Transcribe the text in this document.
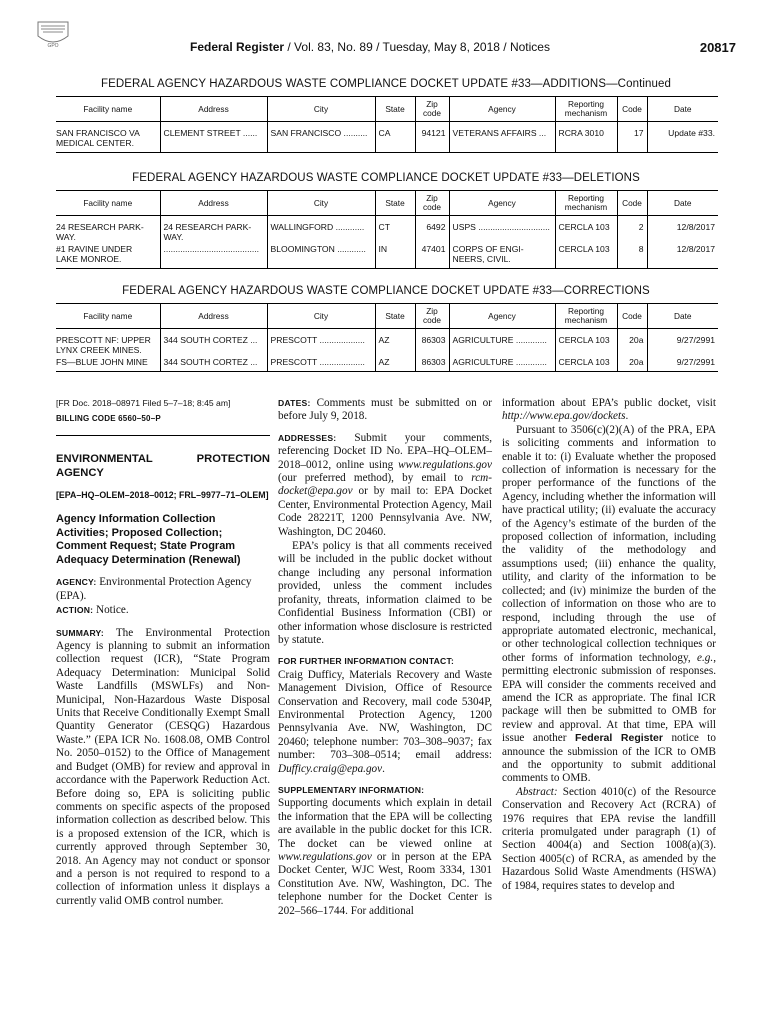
GPO	Federal Register / Vol. 83, No. 89 / Tuesday, May 8, 2018 / Notices	20817
FEDERAL AGENCY HAZARDOUS WASTE COMPLIANCE DOCKET UPDATE #33—ADDITIONS—Continued
Facility name	Address	City	State	Zip code	Agency	Reporting mechanism	Code	Date
SAN FRANCISCO VA
MEDICAL CENTER.	CLEMENT STREET ......	SAN FRANCISCO ..........	CA	94121	VETERANS AFFAIRS ...	RCRA 3010	17	Update #33.
FEDERAL AGENCY HAZARDOUS WASTE COMPLIANCE DOCKET UPDATE #33—DELETIONS
Facility name	Address	City	State	Zip code	Agency	Reporting mechanism	Code	Date
24 RESEARCH PARK-
WAY.	24 RESEARCH PARK-
WAY.	WALLINGFORD ............	CT	6492	USPS ..............................	CERCLA 103	2	12/8/2017
#1 RAVINE UNDER
LAKE MONROE.	........................................	BLOOMINGTON ............	IN	47401	CORPS OF ENGI-
NEERS, CIVIL.	CERCLA 103	8	12/8/2017
FEDERAL AGENCY HAZARDOUS WASTE COMPLIANCE DOCKET UPDATE #33—CORRECTIONS
Facility name	Address	City	State	Zip code	Agency	Reporting mechanism	Code	Date
PRESCOTT NF: UPPER
LYNX CREEK MINES.	344 SOUTH CORTEZ ...	PRESCOTT ...................	AZ	86303	AGRICULTURE .............	CERCLA 103	20a	9/27/2991
FS—BLUE JOHN MINE	344 SOUTH CORTEZ ...	PRESCOTT ...................	AZ	86303	AGRICULTURE .............	CERCLA 103	20a	9/27/2991

[FR Doc. 2018–08971 Filed 5–7–18; 8:45 am]

BILLING CODE 6560–50–P

ENVIRONMENTAL PROTECTION AGENCY

[EPA–HQ–OLEM–2018–0012; FRL–9977–71–OLEM]

Agency Information Collection Activities; Proposed Collection; Comment Request; State Program Adequacy Determination (Renewal)

AGENCY: Environmental Protection Agency (EPA).

ACTION: Notice.

SUMMARY: The Environmental Protection Agency is planning to submit an information collection request (ICR), “State Program Adequacy Determination: Municipal Solid Waste Landfills (MSWLFs) and Non-Municipal, Non-Hazardous Waste Disposal Units that Receive Conditionally Exempt Small Quantity Generator (CESQG) Hazardous Waste.” (EPA ICR No. 1608.08, OMB Control No. 2050–0152) to the Office of Management and Budget (OMB) for review and approval in accordance with the Paperwork Reduction Act. Before doing so, EPA is soliciting public comments on specific aspects of the proposed information collection as described below. This is a proposed extension of the ICR, which is currently approved through September 30, 2018. An Agency may not conduct or sponsor and a person is not required to respond to a collection of information unless it displays a currently valid OMB control number.

DATES: Comments must be submitted on or before July 9, 2018.

ADDRESSES: Submit your comments, referencing Docket ID No. EPA–HQ–OLEM–2018–0012, online using www.regulations.gov (our preferred method), by email to rcm-docket@epa.gov or by mail to: EPA Docket Center, Environmental Protection Agency, Mail Code 28221T, 1200 Pennsylvania Ave. NW, Washington, DC 20460.

EPA’s policy is that all comments received will be included in the public docket without change including any personal information provided, unless the comment includes profanity, threats, information claimed to be Confidential Business Information (CBI) or other information whose disclosure is restricted by statute.

FOR FURTHER INFORMATION CONTACT:

Craig Dufficy, Materials Recovery and Waste Management Division, Office of Resource Conservation and Recovery, mail code 5304P, Environmental Protection Agency, 1200 Pennsylvania Ave. NW, Washington, DC 20460; telephone number: 703–308–9037; fax number: 703–308–0514; email address: Dufficy.craig@epa.gov.

SUPPLEMENTARY INFORMATION:

Supporting documents which explain in detail the information that the EPA will be collecting are available in the public docket for this ICR. The docket can be viewed online at www.regulations.gov or in person at the EPA Docket Center, WJC West, Room 3334, 1301 Constitution Ave. NW, Washington, DC. The telephone number for the Docket Center is 202–566–1744. For additional

information about EPA’s public docket, visit http://www.epa.gov/dockets.

Pursuant to 3506(c)(2)(A) of the PRA, EPA is soliciting comments and information to enable it to: (i) Evaluate whether the proposed collection of information is necessary for the proper performance of the functions of the Agency, including whether the information will have practical utility; (ii) evaluate the accuracy of the Agency’s estimate of the burden of the proposed collection of information, including the validity of the methodology and assumptions used; (iii) enhance the quality, utility, and clarity of the information to be collected; and (iv) minimize the burden of the collection of information on those who are to respond, including through the use of appropriate automated electronic, mechanical, or other technological collection techniques or other forms of information technology, e.g., permitting electronic submission of responses. EPA will consider the comments received and amend the ICR as appropriate. The final ICR package will then be submitted to OMB for review and approval. At that time, EPA will issue another Federal Register notice to announce the submission of the ICR to OMB and the opportunity to submit additional comments to OMB.

Abstract: Section 4010(c) of the Resource Conservation and Recovery Act (RCRA) of 1976 requires that EPA revise the landfill criteria promulgated under paragraph (1) of Section 4004(a) and Section 1008(a)(3). Section 4005(c) of RCRA, as amended by the Hazardous Solid Waste Amendments (HSWA) of 1984, requires states to develop and
